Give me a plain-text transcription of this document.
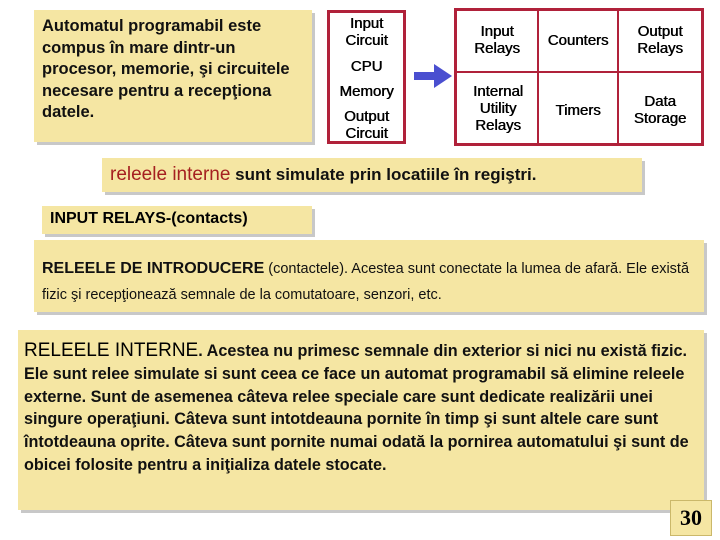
Automatul programabil este compus în mare dintr-un procesor, memorie, şi circuitele necesare pentru a recepţiona datele.
Input Circuit
CPU
Memory
Output Circuit
Input Relays	Counters
Output Relays
Internal Utility Relays
Timers
Data Storage
releele interne sunt simulate prin locatiile în regiştri.
INPUT RELAYS-(contacts)
RELEELE DE INTRODUCERE (contactele). Acestea sunt conectate la lumea de afară. Ele există fizic şi recepţionează semnale de la comutatoare, senzori, etc.
RELEELE INTERNE. Acestea nu primesc semnale din exterior si nici nu există fizic. Ele sunt relee simulate si sunt ceea ce face un automat programabil să elimine releele externe. Sunt de asemenea câteva relee speciale care sunt dedicate realizării unei singure operaţiuni. Câteva sunt intotdeauna pornite în timp şi sunt altele care sunt întotdeauna oprite. Câteva sunt pornite numai odată la pornirea automatului şi sunt de obicei folosite pentru a iniţializa datele stocate.
30
